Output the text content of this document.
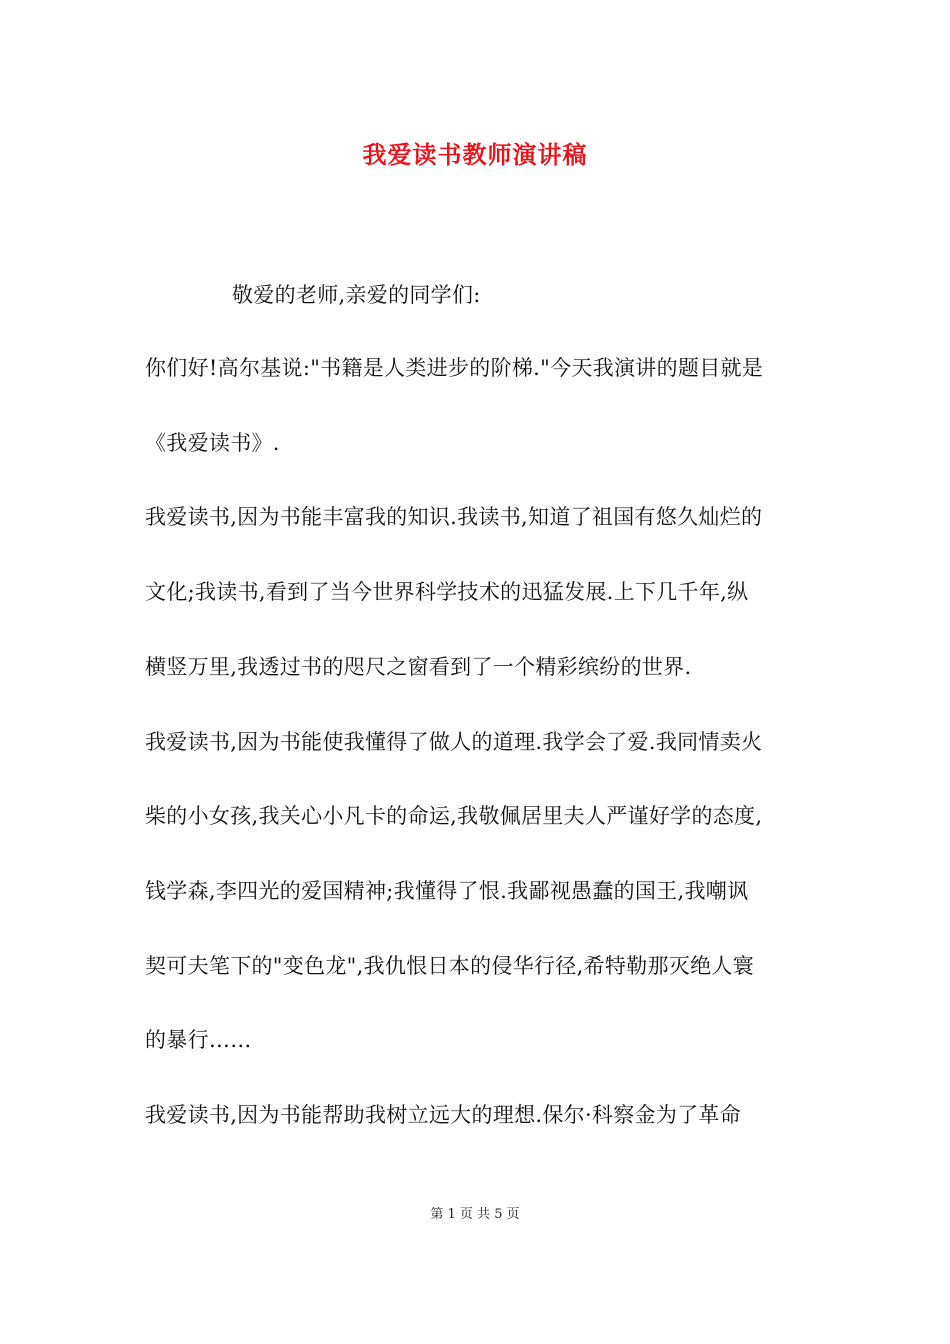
我爱读书教师演讲稿
敬爱的老师,亲爱的同学们:
你们好!高尔基说:"书籍是人类进步的阶梯."今天我演讲的题目就是
《我爱读书》.
我爱读书,因为书能丰富我的知识.我读书,知道了祖国有悠久灿烂的
文化;我读书,看到了当今世界科学技术的迅猛发展.上下几千年,纵
横竖万里,我透过书的咫尺之窗看到了一个精彩缤纷的世界.
我爱读书,因为书能使我懂得了做人的道理.我学会了爱.我同情卖火
柴的小女孩,我关心小凡卡的命运,我敬佩居里夫人严谨好学的态度,
钱学森,李四光的爱国精神;我懂得了恨.我鄙视愚蠢的国王,我嘲讽
契可夫笔下的"变色龙",我仇恨日本的侵华行径,希特勒那灭绝人寰
的暴行……
我爱读书,因为书能帮助我树立远大的理想.保尔·科察金为了革命
第 1 页 共 5 页
